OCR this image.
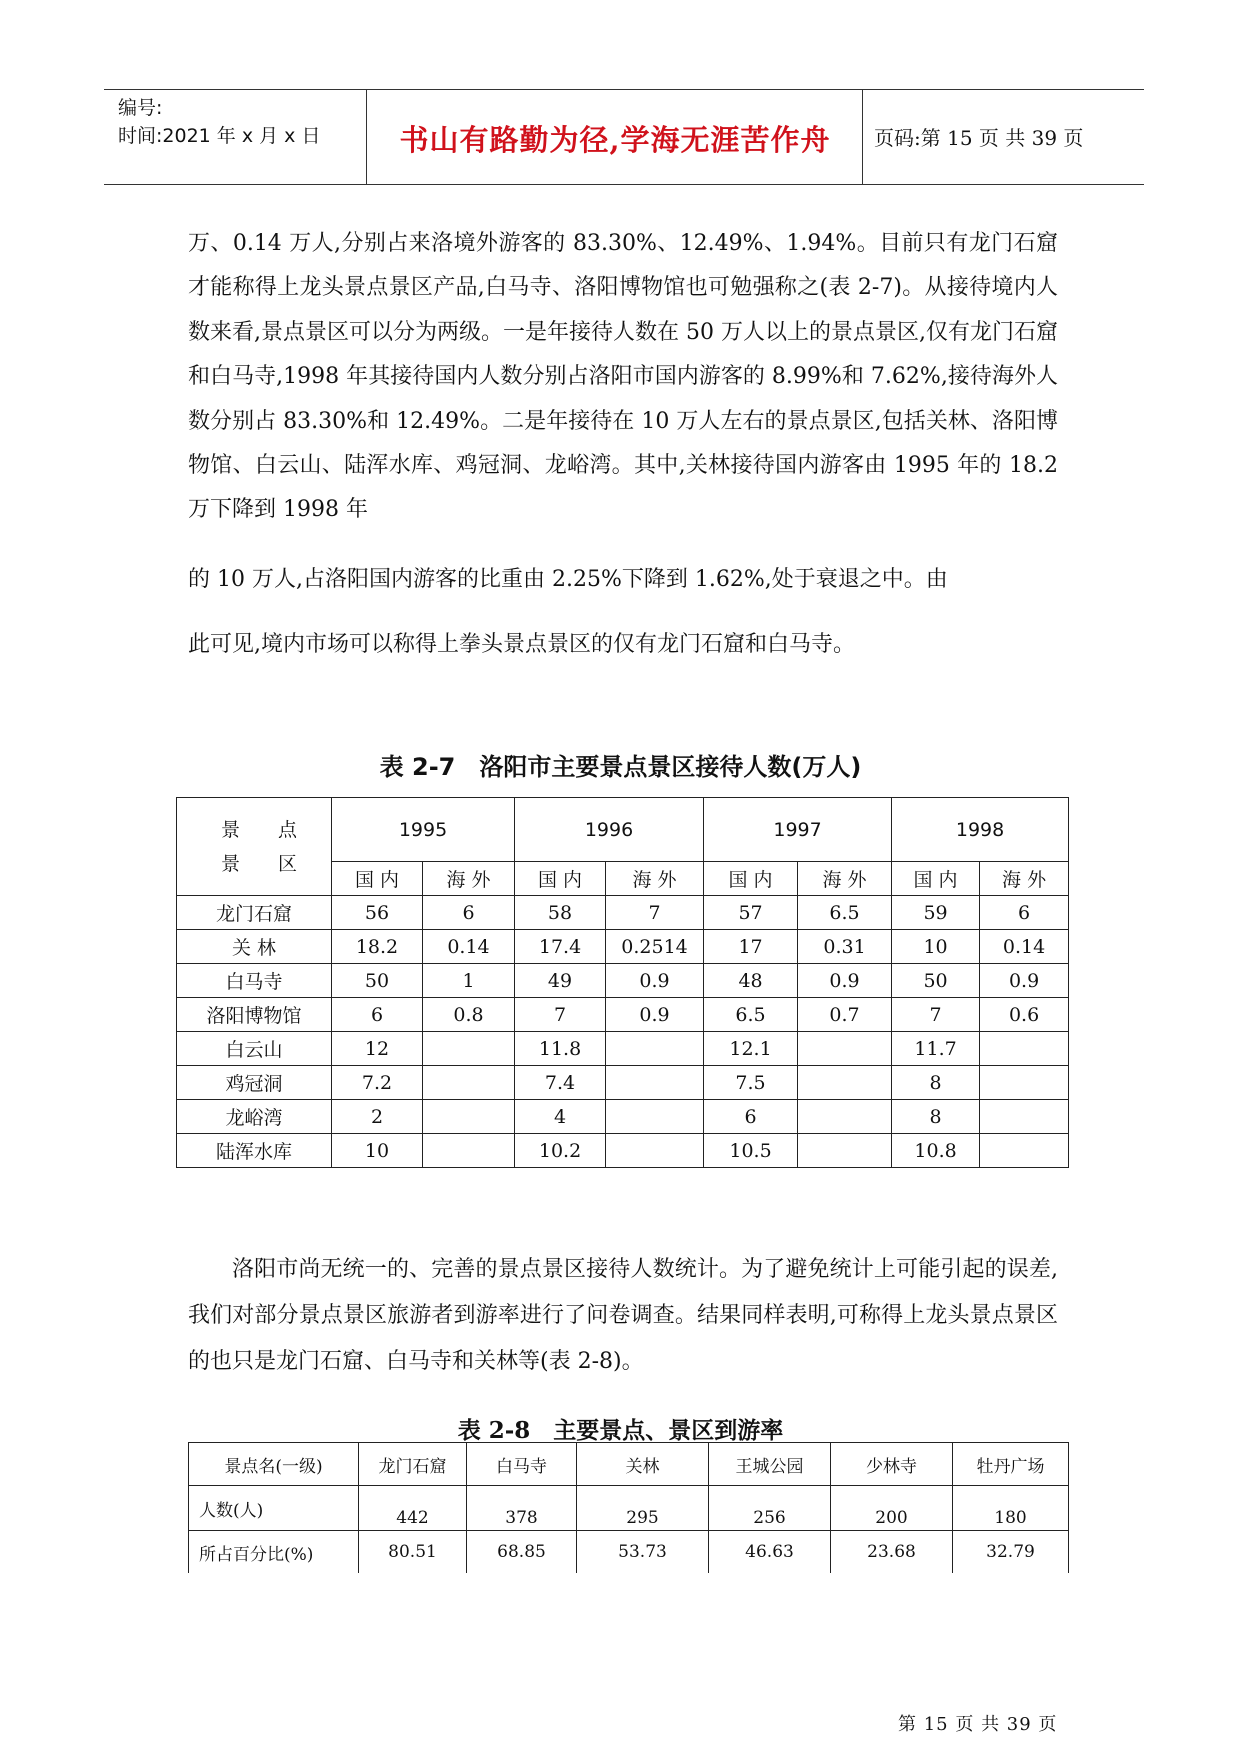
编号:
时间:2021 年 x 月 x 日	书山有路勤为径,学海无涯苦作舟	页码:第 15 页 共 39 页

万、0.14 万人,分别占来洛境外游客的 83.30%、12.49%、1.94%。目前只有龙门石窟才能称得上龙头景点景区产品,白马寺、洛阳博物馆也可勉强称之(表 2-7)。从接待境内人数来看,景点景区可以分为两级。一是年接待人数在 50 万人以上的景点景区,仅有龙门石窟和白马寺,1998 年其接待国内人数分别占洛阳市国内游客的 8.99%和 7.62%,接待海外人数分别占 83.30%和 12.49%。二是年接待在 10 万人左右的景点景区,包括关林、洛阳博物馆、白云山、陆浑水库、鸡冠洞、龙峪湾。其中,关林接待国内游客由 1995 年的 18.2 万下降到 1998 年

的 10 万人,占洛阳国内游客的比重由 2.25%下降到 1.62%,处于衰退之中。由

此可见,境内市场可以称得上拳头景点景区的仅有龙门石窟和白马寺。

表 2-7　洛阳市主要景点景区接待人数(万人)
景 点
景 区	1995		1996		1997		1998	
	国 内	海 外	国 内	海 外	国 内	海 外	国 内	海 外
龙门石窟	56	6	58	7	57	6.5	59	6
关 林	18.2	0.14	17.4	0.2514	17	0.31	10	0.14
白马寺	50	1	49	0.9	48	0.9	50	0.9
洛阳博物馆	6	0.8	7	0.9	6.5	0.7	7	0.6
白云山	12		11.8		12.1		11.7	
鸡冠洞	7.2		7.4		7.5		8	
龙峪湾	2		4		6		8	
陆浑水库	10		10.2		10.5		10.8	

洛阳市尚无统一的、完善的景点景区接待人数统计。为了避免统计上可能引起的误差,我们对部分景点景区旅游者到游率进行了问卷调查。结果同样表明,可称得上龙头景点景区的也只是龙门石窟、白马寺和关林等(表 2-8)。

表 2-8　主要景点、景区到游率
景点名(一级)	龙门石窟	白马寺	关林	王城公园	少林寺	牡丹广场
人数(人)	442	378	295	256	200	180
所占百分比(%)	80.51	68.85	53.73	46.63	23.68	32.79
第 15 页 共 39 页
